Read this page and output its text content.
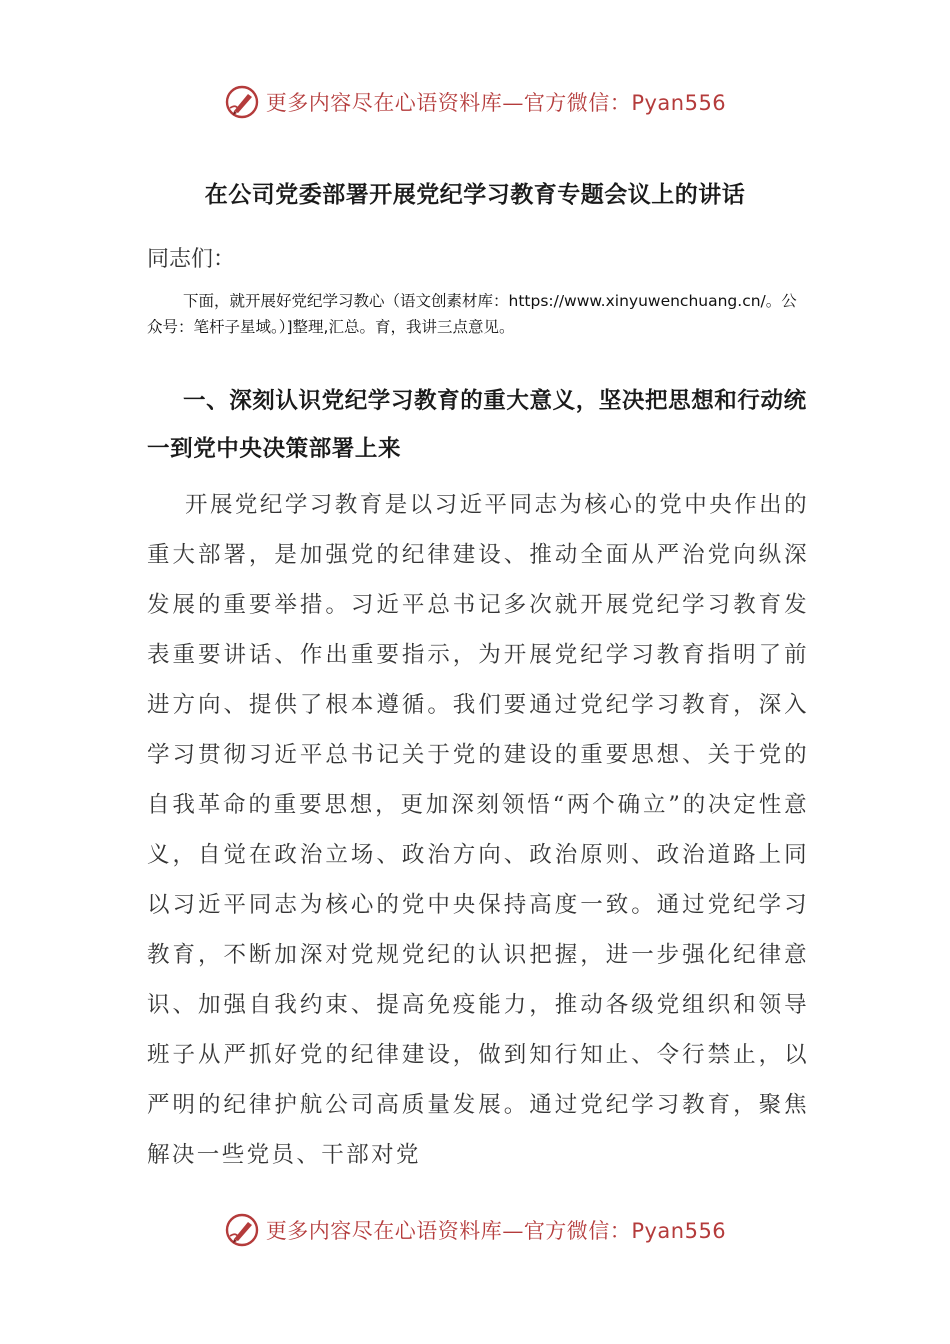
更多内容尽在心语资料库—官方微信：Pyan556
在公司党委部署开展党纪学习教育专题会议上的讲话
同志们：
下面，就开展好党纪学习教心（语文创素材库：https://www.xinyuwenchuang.cn/。公众号：笔杆子星域。）]整理,汇总。育，我讲三点意见。
一、深刻认识党纪学习教育的重大意义，坚决把思想和行动统一到党中央决策部署上来
开展党纪学习教育是以习近平同志为核心的党中央作出的重大部署，是加强党的纪律建设、推动全面从严治党向纵深发展的重要举措。习近平总书记多次就开展党纪学习教育发表重要讲话、作出重要指示，为开展党纪学习教育指明了前进方向、提供了根本遵循。我们要通过党纪学习教育，深入学习贯彻习近平总书记关于党的建设的重要思想、关于党的自我革命的重要思想，更加深刻领悟“两个确立”的决定性意义，自觉在政治立场、政治方向、政治原则、政治道路上同以习近平同志为核心的党中央保持高度一致。通过党纪学习教育，不断加深对党规党纪的认识把握，进一步强化纪律意识、加强自我约束、提高免疫能力，推动各级党组织和领导班子从严抓好党的纪律建设，做到知行知止、令行禁止，以严明的纪律护航公司高质量发展。通过党纪学习教育，聚焦解决一些党员、干部对党
更多内容尽在心语资料库—官方微信：Pyan556
